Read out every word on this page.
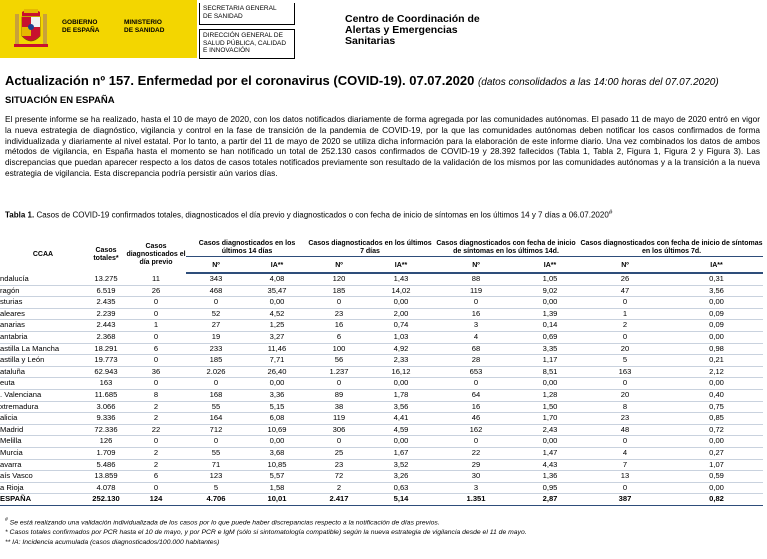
GOBIERNO
DE ESPAÑA
MINISTERIO
DE SANIDAD
SECRETARIA GENERAL
DE SANIDAD
DIRECCIÓN GENERAL DE
SALUD PÚBLICA, CALIDAD
E INNOVACIÓN
Centro de Coordinación de
Alertas y Emergencias
Sanitarias
Actualización nº 157. Enfermedad por el coronavirus (COVID-19). 07.07.2020 (datos consolidados a las 14:00 horas del 07.07.2020)
SITUACIÓN EN ESPAÑA
El presente informe se ha realizado, hasta el 10 de mayo de 2020, con los datos notificados diariamente de forma agregada por las comunidades autónomas. El pasado 11 de mayo de 2020 entró en vigor la nueva estrategia de diagnóstico, vigilancia y control en la fase de transición de la pandemia de COVID-19, por la que las comunidades autónomas deben notificar los casos confirmados de forma individualizada y diariamente al nivel estatal. Por lo tanto, a partir del 11 de mayo de 2020 se utiliza dicha información para la elaboración de este informe diario. Una vez combinados los datos de ambos métodos de vigilancia, en España hasta el momento se han notificado un total de 252.130 casos confirmados de COVID-19 y 28.392 fallecidos (Tabla 1, Tabla 2, Figura 1, Figura 2 y Figura 3). Las discrepancias que puedan aparecer respecto a los datos de casos totales notificados previamente son resultado de la validación de los mismos por las comunidades autónomas y a la transición a la nueva estrategia de vigilancia. Esta discrepancia podría persistir aún varios días.
Tabla 1. Casos de COVID-19 confirmados totales, diagnosticados el día previo y diagnosticados o con fecha de inicio de síntomas en los últimos 14 y 7 días a 06.07.2020#
CCAA	Casos totales*	Casos diagnosticados el día previo	Casos diagnosticados en los últimos 14 días		Casos diagnosticados en los últimos 7 días		Casos diagnosticados con fecha de inicio de síntomas en los últimos 14d.		Casos diagnosticados con fecha de inicio de síntomas en los últimos 7d.	
			Nº	IA**	Nº	IA**	Nº	IA**	Nº	IA**
ndalucía	13.275	11	343	4,08	120	1,43	88	1,05	26	0,31
ragón	6.519	26	468	35,47	185	14,02	119	9,02	47	3,56
sturias	2.435	0	0	0,00	0	0,00	0	0,00	0	0,00
aleares	2.239	0	52	4,52	23	2,00	16	1,39	1	0,09
anarias	2.443	1	27	1,25	16	0,74	3	0,14	2	0,09
antabria	2.368	0	19	3,27	6	1,03	4	0,69	0	0,00
astilla La Mancha	18.291	6	233	11,46	100	4,92	68	3,35	20	0,98
astilla y León	19.773	0	185	7,71	56	2,33	28	1,17	5	0,21
ataluña	62.943	36	2.026	26,40	1.237	16,12	653	8,51	163	2,12
euta	163	0	0	0,00	0	0,00	0	0,00	0	0,00
. Valenciana	11.685	8	168	3,36	89	1,78	64	1,28	20	0,40
xtremadura	3.066	2	55	5,15	38	3,56	16	1,50	8	0,75
alicia	9.336	2	164	6,08	119	4,41	46	1,70	23	0,85
Madrid	72.336	22	712	10,69	306	4,59	162	2,43	48	0,72
Melilla	126	0	0	0,00	0	0,00	0	0,00	0	0,00
Murcia	1.709	2	55	3,68	25	1,67	22	1,47	4	0,27
avarra	5.486	2	71	10,85	23	3,52	29	4,43	7	1,07
aís Vasco	13.859	6	123	5,57	72	3,26	30	1,36	13	0,59
a Rioja	4.078	0	5	1,58	2	0,63	3	0,95	0	0,00
ESPAÑA	252.130	124	4.706	10,01	2.417	5,14	1.351	2,87	387	0,82
# Se está realizando una validación individualizada de los casos por lo que puede haber discrepancias respecto a la notificación de días previos.
* Casos totales confirmados por PCR hasta el 10 de mayo, y por PCR e IgM (sólo si sintomatología compatible) según la nueva estrategia de vigilancia desde el 11 de mayo.
** IA: Incidencia acumulada (casos diagnosticados/100.000 habitantes)
